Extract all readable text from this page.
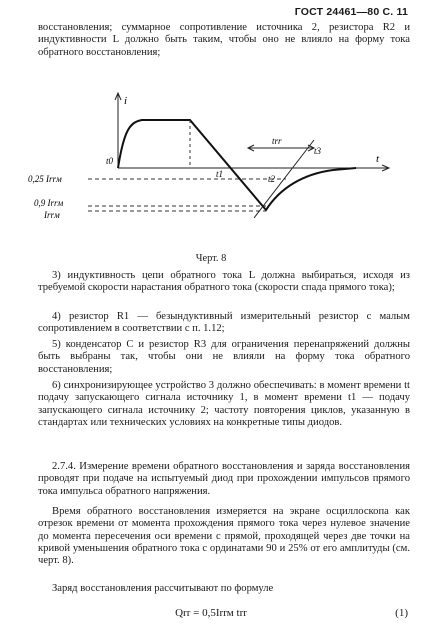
ГОСТ 24461—80 С. 11
восстановления; суммарное сопротивление источника 2, резистора R2 и индуктивности L должно быть таким, чтобы оно не влияло на форму тока обратного восстановления;
i
t
t0
t1	t2
t3
trr
0,25 Irrм
0,9 Irrм
Irrм
Черт. 8
3) индуктивность цепи обратного тока L должна выбираться, исходя из требуемой скорости нарастания обратного тока (скорости спада прямого тока);
4) резистор R1 — безындуктивный измерительный резистор с малым сопротивлением в соответствии с п. 1.12;
5) конденсатор C и резистор R3 для ограничения перенапряжений должны быть выбраны так, чтобы они не влияли на форму тока обратного восстановления;
6) синхронизирующее устройство 3 должно обеспечивать: в момент времени tt подачу запускающего сигнала источнику 1, в момент времени t1 — подачу запускающего сигнала источнику 2; частоту повторения циклов, указанную в стандартах или технических условиях на конкретные типы диодов.
2.7.4. Измерение времени обратного восстановления и заряда восстановления проводят при подаче на испытуемый диод при прохождении импульсов прямого тока импульса обратного напряжения.
Время обратного восстановления измеряется на экране осциллоскопа как отрезок времени от момента прохождения прямого тока через нулевое значение до момента пересечения оси времени с прямой, проходящей через две точки на кривой уменьшения обратного тока с ординатами 90 и 25% от его амплитуды (см. черт. 8).
Заряд восстановления рассчитывают по формуле
Qrr = 0,5Irrм trr	(1)
